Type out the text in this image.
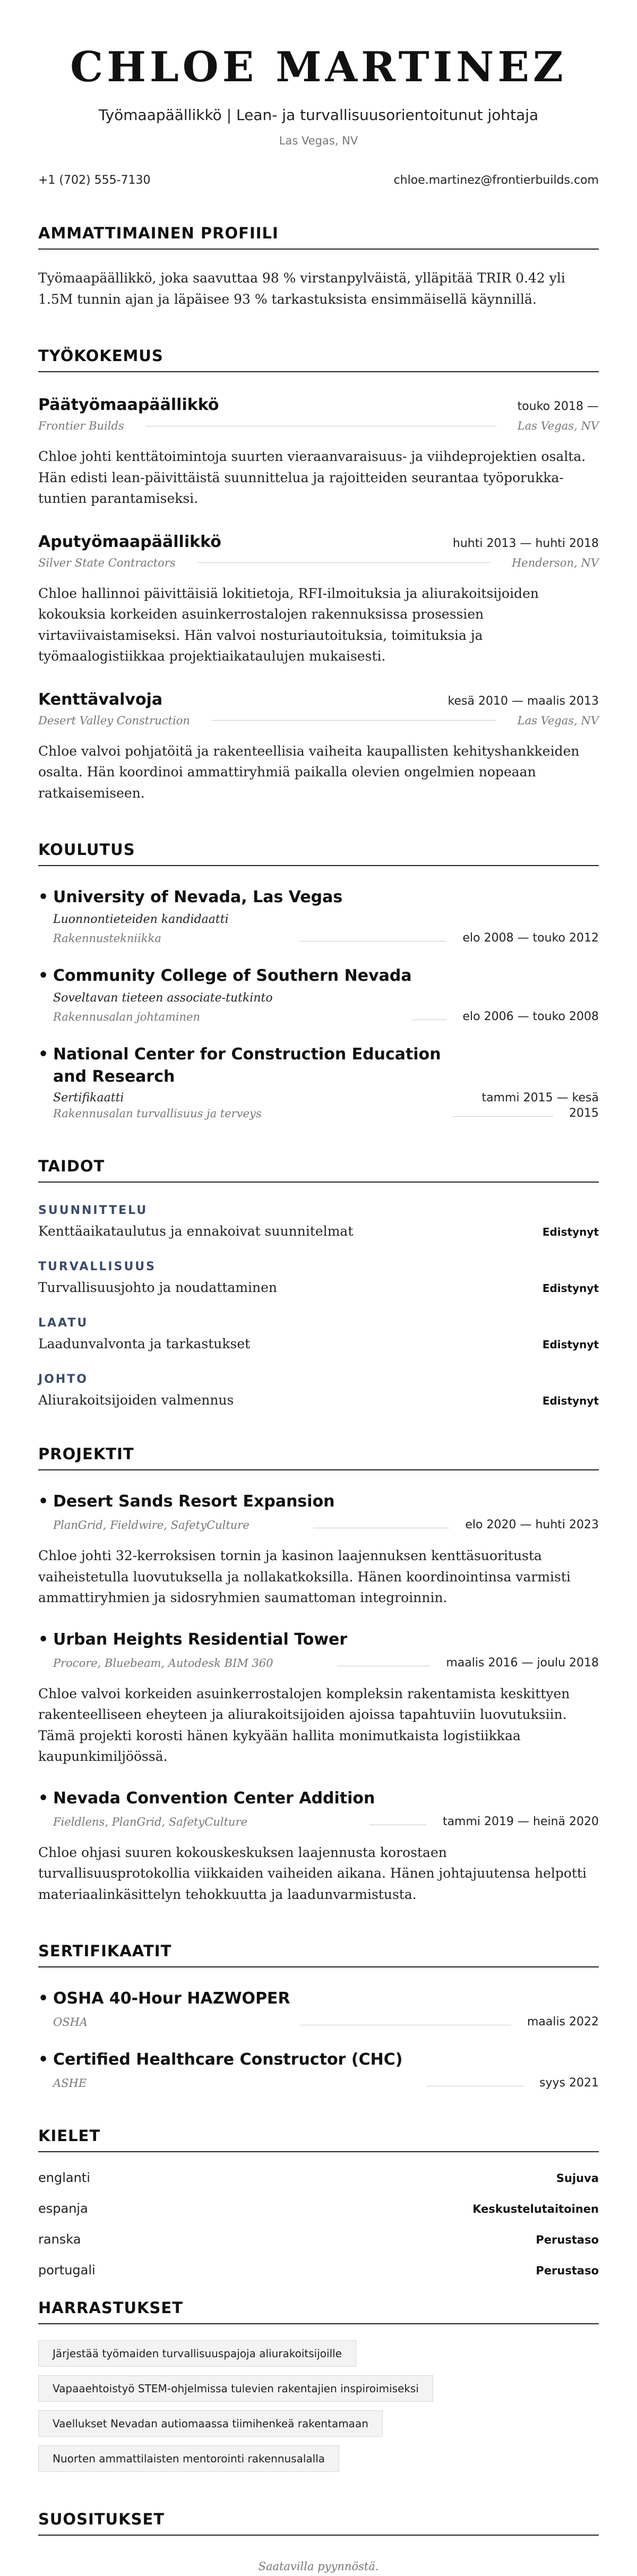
CHLOE MARTINEZ
Työmaapäällikkö | Lean- ja turvallisuusorientoitunut johtaja
Las Vegas, NV
+1 (702) 555-7130	chloe.martinez@frontierbuilds.com
AMMATTIMAINEN PROFIILI
Työmaapäällikkö, joka saavuttaa 98 % virstanpylväistä, ylläpitää TRIR 0.42 yli 1.5M tunnin ajan ja läpäisee 93 % tarkastuksista ensimmäisellä käynnillä.
TYÖKOKEMUS
Päätyömaapäällikkö	touko 2018 —
Frontier Builds	Las Vegas, NV
Chloe johti kenttätoimintoja suurten vieraanvaraisuus- ja viihdeprojektien osalta. Hän edisti lean-päivittäistä suunnittelua ja rajoitteiden seurantaa työporukka-tuntien parantamiseksi.
Aputyömaapäällikkö	huhti 2013 — huhti 2018
Silver State Contractors	Henderson, NV
Chloe hallinnoi päivittäisiä lokitietoja, RFI-ilmoituksia ja aliurakoitsijoiden kokouksia korkeiden asuinkerrostalojen rakennuksissa prosessien virtaviivaistamiseksi. Hän valvoi nosturiautoituksia, toimituksia ja työmaalogistiikkaa projektiaikataulujen mukaisesti.
Kenttävalvoja	kesä 2010 — maalis 2013
Desert Valley Construction	Las Vegas, NV
Chloe valvoi pohjatöitä ja rakenteellisia vaiheita kaupallisten kehityshankkeiden osalta. Hän koordinoi ammattiryhmiä paikalla olevien ongelmien nopeaan ratkaisemiseen.
KOULUTUS
• University of Nevada, Las Vegas
Luonnontieteiden kandidaatti
Rakennustekniikka	elo 2008 — touko 2012
• Community College of Southern Nevada
Soveltavan tieteen associate-tutkinto
Rakennusalan johtaminen	elo 2006 — touko 2008
• National Center for Construction Education and Research
Sertifikaatti	tammi 2015 — kesä
Rakennusalan turvallisuus ja terveys	2015
TAIDOT
SUUNNITTELU
Kenttäaikataulutus ja ennakoivat suunnitelmat	Edistynyt
TURVALLISUUS
Turvallisuusjohto ja noudattaminen	Edistynyt
LAATU
Laadunvalvonta ja tarkastukset	Edistynyt
JOHTO
Aliurakoitsijoiden valmennus	Edistynyt
PROJEKTIT
• Desert Sands Resort Expansion
PlanGrid, Fieldwire, SafetyCulture	elo 2020 — huhti 2023
Chloe johti 32-kerroksisen tornin ja kasinon laajennuksen kenttäsuoritusta vaiheistetulla luovutuksella ja nollakatkoksilla. Hänen koordinointinsa varmisti ammattiryhmien ja sidosryhmien saumattoman integroinnin.
• Urban Heights Residential Tower
Procore, Bluebeam, Autodesk BIM 360	maalis 2016 — joulu 2018
Chloe valvoi korkeiden asuinkerrostalojen kompleksin rakentamista keskittyen rakenteelliseen eheyteen ja aliurakoitsijoiden ajoissa tapahtuviin luovutuksiin. Tämä projekti korosti hänen kykyään hallita monimutkaista logistiikkaa kaupunkimiljöössä.
• Nevada Convention Center Addition
Fieldlens, PlanGrid, SafetyCulture	tammi 2019 — heinä 2020
Chloe ohjasi suuren kokouskeskuksen laajennusta korostaen turvallisuusprotokollia viikkaiden vaiheiden aikana. Hänen johtajuutensa helpotti materiaalinkäsittelyn tehokkuutta ja laadunvarmistusta.
SERTIFIKAATIT
• OSHA 40-Hour HAZWOPER
OSHA	maalis 2022
• Certified Healthcare Constructor (CHC)
ASHE	syys 2021
KIELET
englanti	Sujuva
espanja	Keskustelutaitoinen
ranska	Perustaso
portugali	Perustaso
HARRASTUKSET
Järjestää työmaiden turvallisuuspajoja aliurakoitsijoille
Vapaaehtoistyö STEM-ohjelmissa tulevien rakentajien inspiroimiseksi
Vaellukset Nevadan autiomaassa tiimihenkeä rakentamaan
Nuorten ammattilaisten mentorointi rakennusalalla
SUOSITUKSET
Saatavilla pyynnöstä.
